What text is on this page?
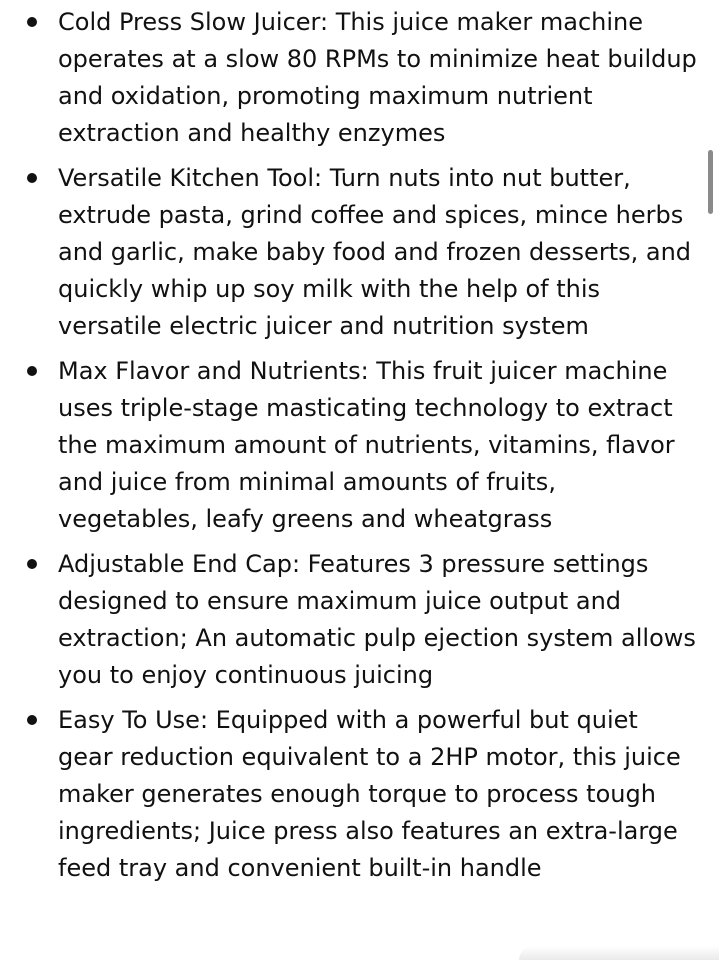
Cold Press Slow Juicer: This juice maker machine operates at a slow 80 RPMs to minimize heat buildup and oxidation, promoting maximum nutrient extraction and healthy enzymes
Versatile Kitchen Tool: Turn nuts into nut butter, extrude pasta, grind coffee and spices, mince herbs and garlic, make baby food and frozen desserts, and quickly whip up soy milk with the help of this versatile electric juicer and nutrition system
Max Flavor and Nutrients: This fruit juicer machine uses triple-stage masticating technology to extract the maximum amount of nutrients, vitamins, flavor and juice from minimal amounts of fruits, vegetables, leafy greens and wheatgrass
Adjustable End Cap: Features 3 pressure settings designed to ensure maximum juice output and extraction; An automatic pulp ejection system allows you to enjoy continuous juicing
Easy To Use: Equipped with a powerful but quiet gear reduction equivalent to a 2HP motor, this juice maker generates enough torque to process tough ingredients; Juice press also features an extra-large feed tray and convenient built-in handle
